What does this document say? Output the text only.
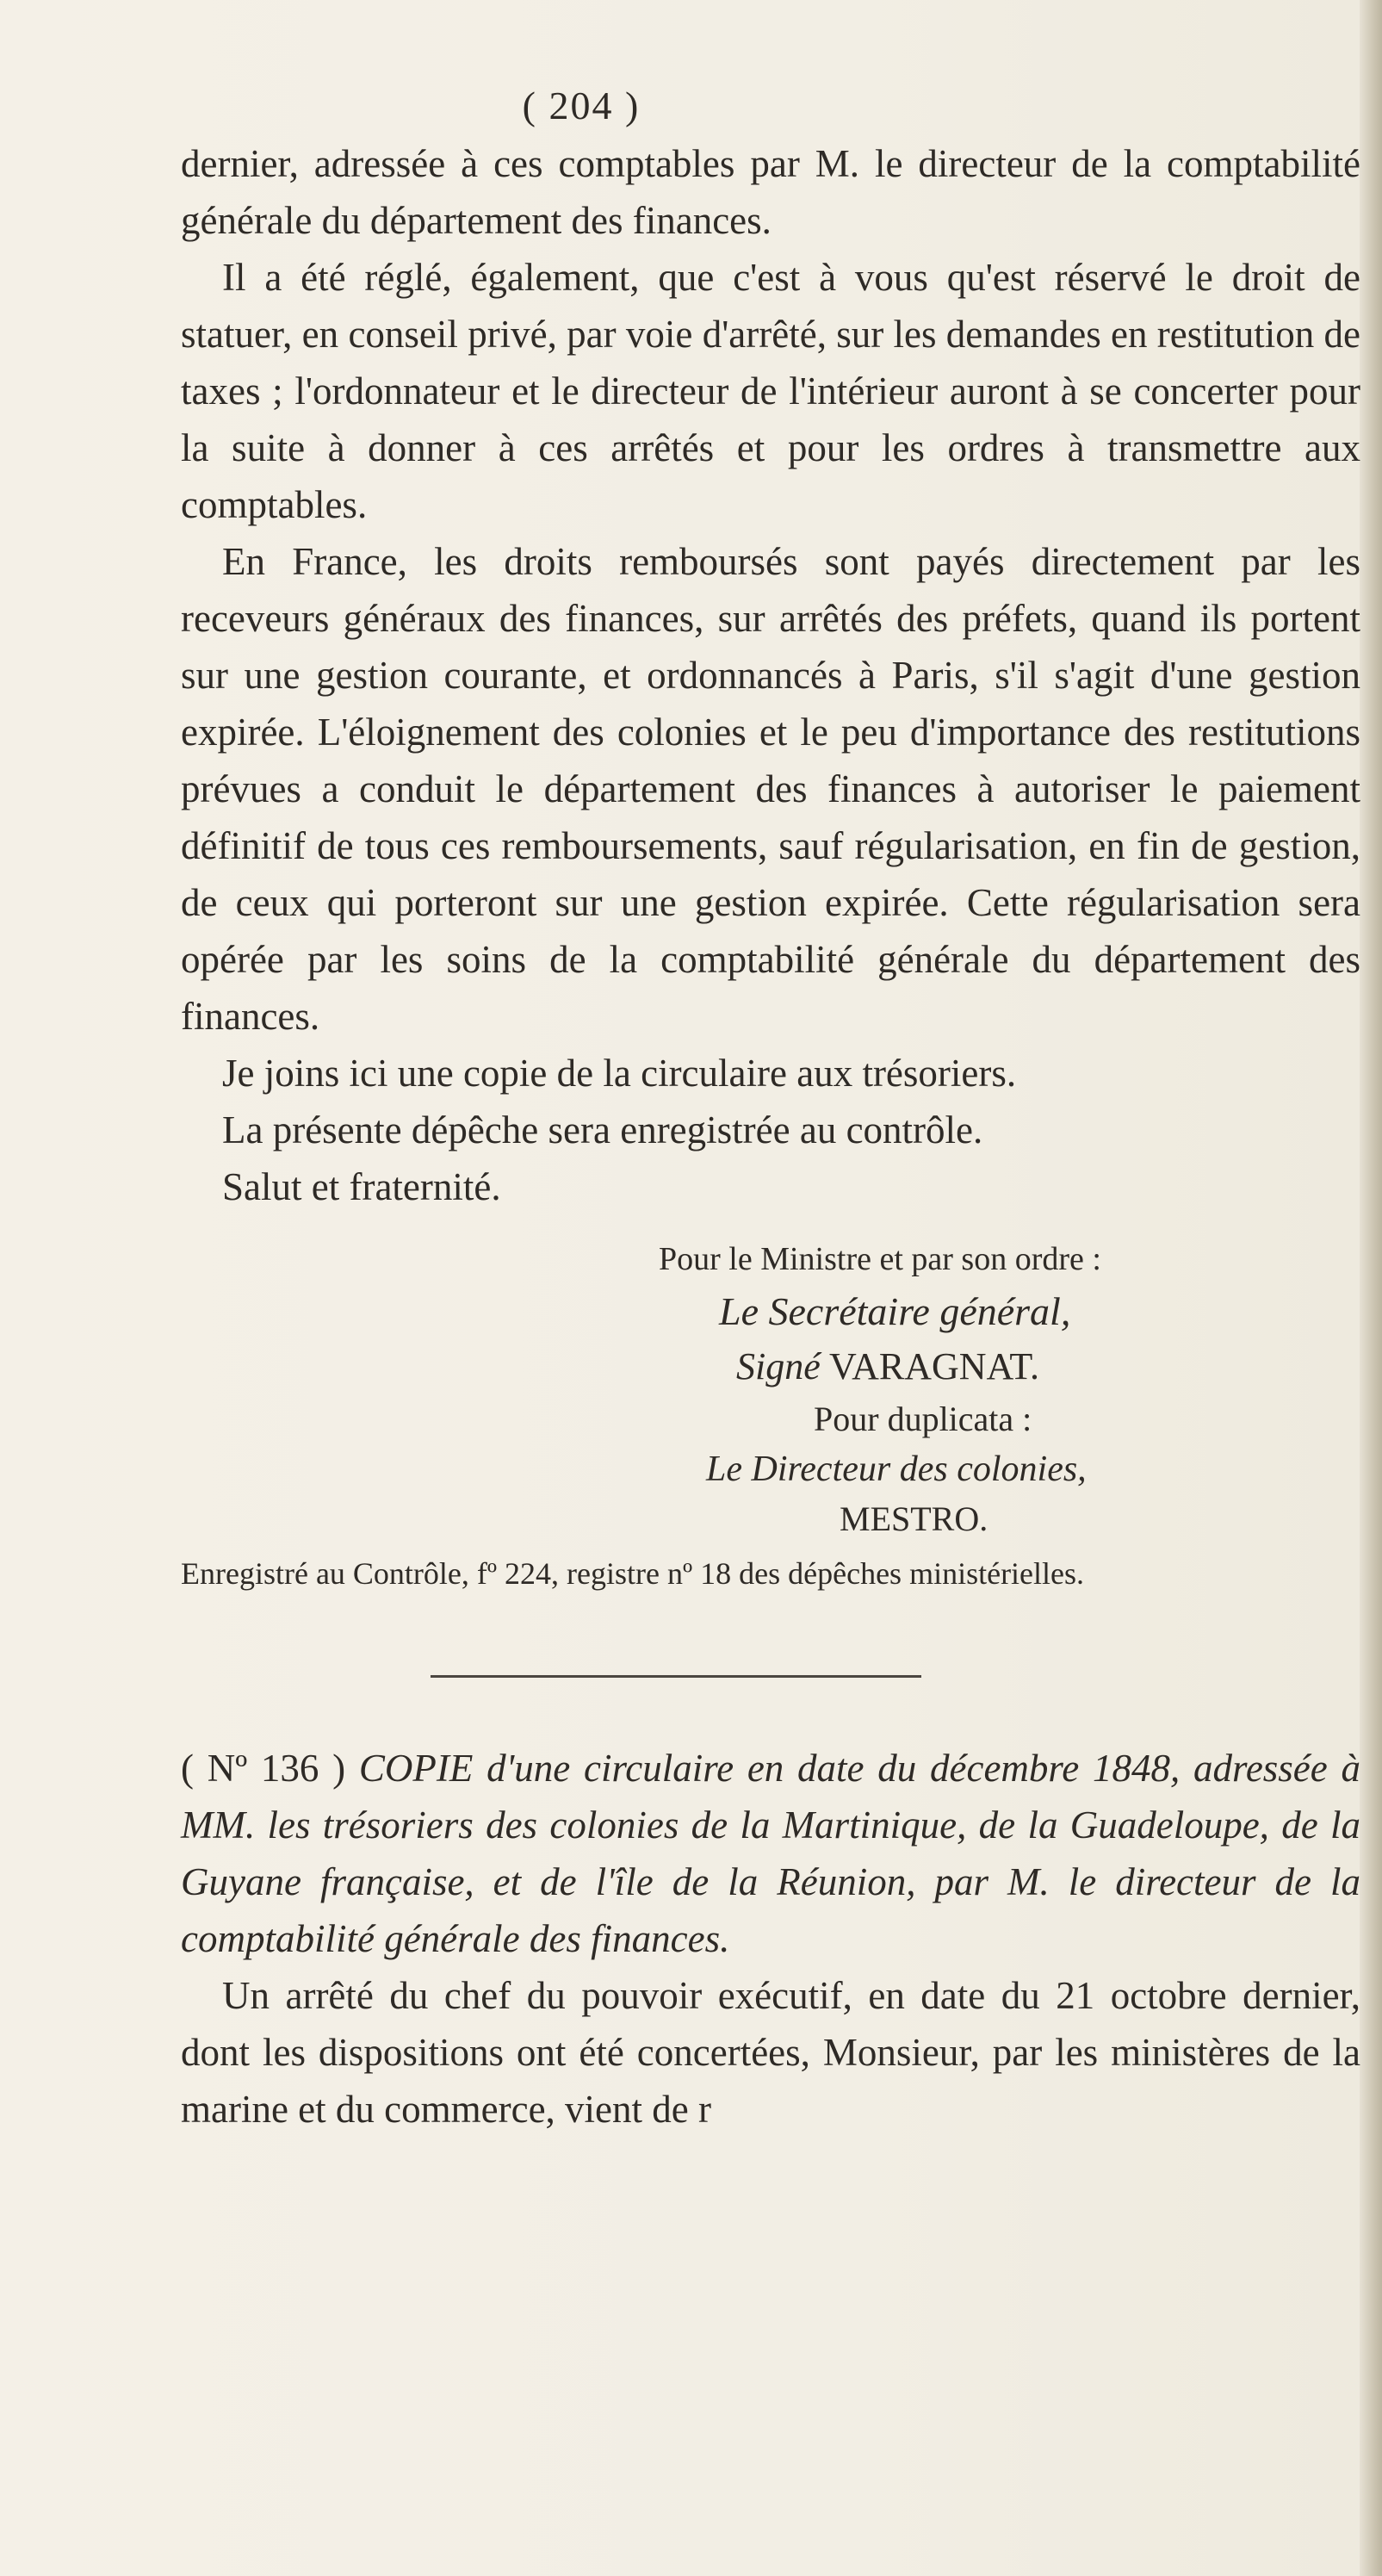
( 204 )

dernier, adressée à ces comptables par M. le directeur de la comptabilité générale du département des finances.

Il a été réglé, également, que c'est à vous qu'est réservé le droit de statuer, en conseil privé, par voie d'arrêté, sur les demandes en restitution de taxes ; l'ordonnateur et le directeur de l'intérieur auront à se concerter pour la suite à donner à ces arrêtés et pour les ordres à transmettre aux comptables.

En France, les droits remboursés sont payés directement par les receveurs généraux des finances, sur arrêtés des préfets, quand ils portent sur une gestion courante, et ordonnancés à Paris, s'il s'agit d'une gestion expirée. L'éloignement des colonies et le peu d'importance des restitutions prévues a conduit le département des finances à autoriser le paiement définitif de tous ces remboursements, sauf régularisation, en fin de gestion, de ceux qui porteront sur une gestion expirée. Cette régularisation sera opérée par les soins de la comptabilité générale du département des finances.

Je joins ici une copie de la circulaire aux trésoriers.

La présente dépêche sera enregistrée au contrôle.

Salut et fraternité.

Pour le Ministre et par son ordre :
Le Secrétaire général,
Signé VARAGNAT.
Pour duplicata :
Le Directeur des colonies,
MESTRO.
Enregistré au Contrôle, fº 224, registre nº 18 des dépêches ministérielles.
( Nº 136 ) COPIE d'une circulaire en date du décembre 1848, adressée à MM. les trésoriers des colonies de la Martinique, de la Guadeloupe, de la Guyane française, et de l'île de la Réunion, par M. le directeur de la comptabilité générale des finances.

Un arrêté du chef du pouvoir exécutif, en date du 21 octobre dernier, dont les dispositions ont été concertées, Monsieur, par les ministères de la marine et du commerce, vient de r
